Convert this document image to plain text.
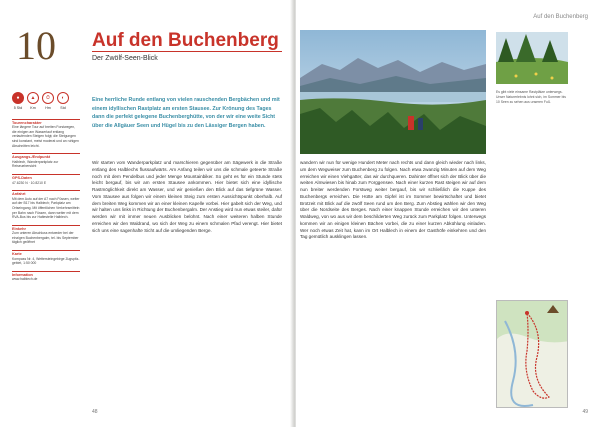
10 Auf den Buchenberg
Der Zwölf-Seen-Blick
●	▲	⏱	◐
5 Std	Km	Hm	Std
Tourencharakter
Eine längere Tour auf breiten Forstwegen, die einigen am Wasserlauf entlang verlaufenden Steigen folgt; die Steigungen sind konstant, meist moderat und an ruhigen Abschnitten leicht.
Ausgangs-/Endpunkt
Halblech, Wanderparkplatz zur Reiseuebersicht
GPS-Daten
47.6230 N · 10.8210 E
Anfahrt
Mit dem Auto auf der A7 nach Füssen, weiter auf der B17 bis Halblech; Parkplatz am Ortseingang. Mit öffentlichen Verkehrsmitteln per Bahn nach Füssen, dann weiter mit dem RVA-Bus bis zur Haltestelle Halblech.
Einkehr
Zum unteren Abschluss entweder bei der einzigen Buchenbergalm, tel. bis September täglich geöffnet
Karte
Kompass Nr. 4, Wettersteingebirge Zugspitz-gebiet, 1:50 000
Information
www.halblech.de
Eine herrliche Runde entlang von vielen rauschenden Bergbächen und mit einem idyllischen Rastplatz am ersten Stausee. Zur Krönung des Tages dann die perfekt gelegene Buchenberghütte, von der wir eine weite Sicht über die Allgäuer Seen und Hügel bis zu den Lässiger Bergen haben.
Wir starten vom Wanderparkplatz und marschieren gegenüber am Sägewerk in die Straße entlang des Halblechs flussaufwärts. Am Anfang teilen wir uns die schmale geteerte Straße noch mit dem Pendelbus und jeder Menge Mountainbiker. So geht es für ein Stunde stets leicht bergauf, bis wir am ersten Stausee ankommen. Hier bietet sich eine idyllische Rastmöglichkeit direkt am Wasser, und wir genießen den Blick auf das tiefgrüne Wasser. Vom Stausee aus folgen wir einem kleinen Steig zum ersten Aussichtspunkt oberhalb. Auf dem breiten Weg kommen wir an einer kleinen Kapelle vorbei. Hier gabelt sich der Weg, und wir halten uns links in Richtung der Buchenbergalm. Der Anstieg wird nun etwas steiler, dafür werden wir mit immer neuen Ausblicken belohnt. Nach einer weiteren halben Stunde erreichen wir den Waldrand, wo sich der Weg zu einem schmalen Pfad verengt. Hier bietet sich uns eine sagenhafte Sicht auf die umliegenden Berge.
48
Auf den Buchenberg
Es gibt viele einsame Rastplätze unterwegs. Unser Naturerlebnis lohnt sich, im Sommer bis 10 Seen zu sehen aus unseren Fuß.
wandern wir nun für wenige Hundert Meter nach rechts und dann gleich wieder nach links, um dem Wegweiser zum Buchenberg zu folgen. Nach etwa zwanzig Minuten auf dem Weg erreichen wir einen Viehgatter, das wir durchqueren. Dahinter öffnet sich der Blick über die weiten Almwiesen bis hinab zum Forggensee. Nach einer kurzen Rast steigen wir auf dem nun breiter werdenden Forstweg weiter bergauf, bis wir schließlich die Kuppe des Buchenbergs erreichen. Die Hütte am Gipfel ist im Sommer bewirtschaftet und bietet Brotzeit mit Blick auf die zwölf Seen rund um den Berg. Zum Abstieg wählen wir den Weg über die Nordseite des Berges. Nach einer knappen Stunde erreichen wir den unteren Waldweg, von wo aus wir dem beschilderten Weg zurück zum Parkplatz folgen. Unterwegs kommen wir an einigen kleinen Bächen vorbei, die zu einer kurzen Abkühlung einladen. Wer noch etwas Zeit hat, kann im Ort Halblech in einem der Gasthöfe einkehren und den Tag gemütlich ausklingen lassen.
49
